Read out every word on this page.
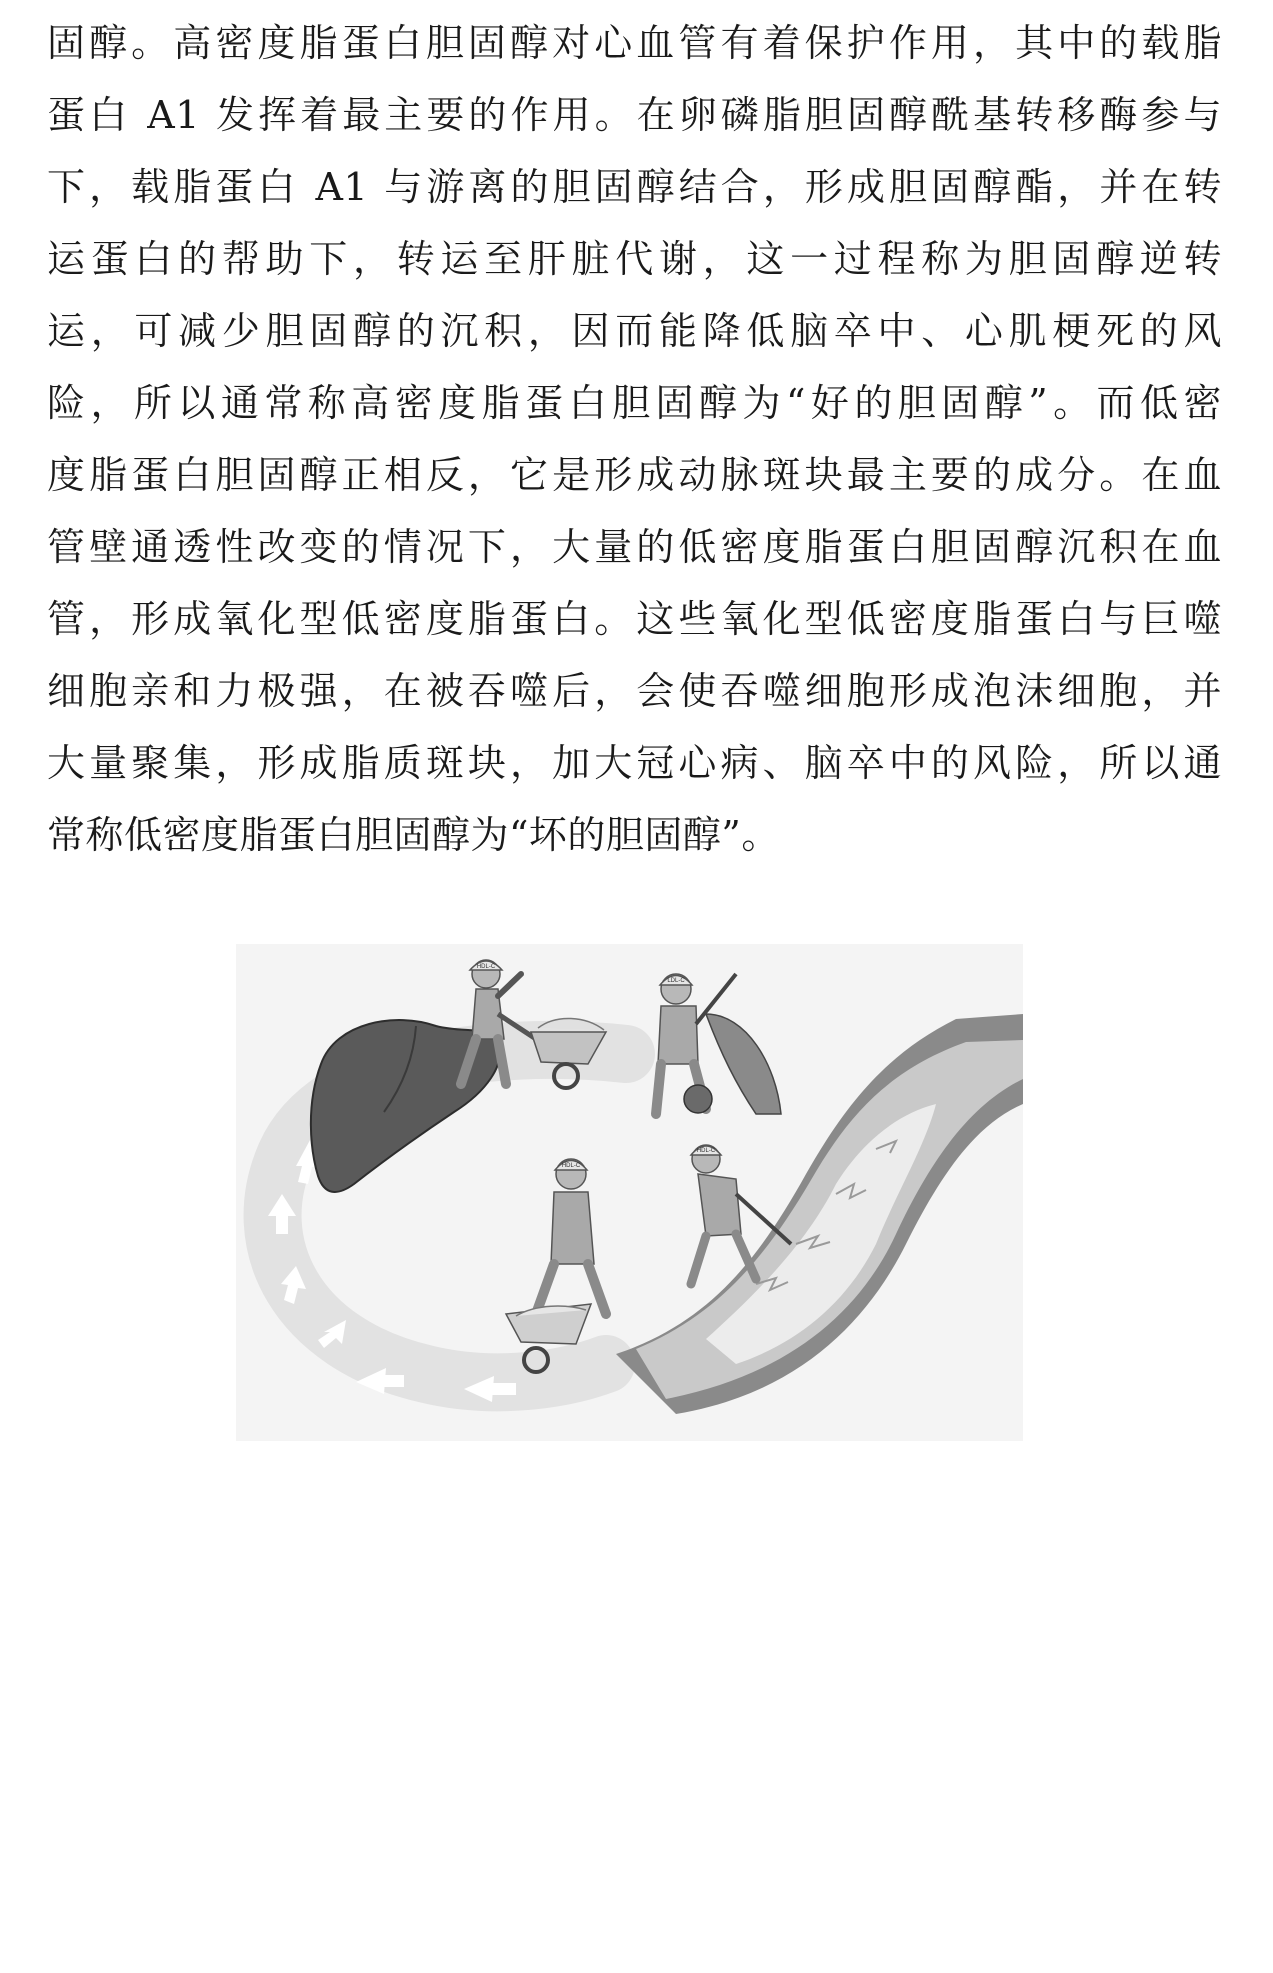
固醇。高密度脂蛋白胆固醇对心血管有着保护作用，其中的载脂
蛋白 A1 发挥着最主要的作用。在卵磷脂胆固醇酰基转移酶参与
下，载脂蛋白 A1 与游离的胆固醇结合，形成胆固醇酯，并在转
运蛋白的帮助下，转运至肝脏代谢，这一过程称为胆固醇逆转
运，可减少胆固醇的沉积，因而能降低脑卒中、心肌梗死的风
险，所以通常称高密度脂蛋白胆固醇为“好的胆固醇”。而低密
度脂蛋白胆固醇正相反，它是形成动脉斑块最主要的成分。在血
管壁通透性改变的情况下，大量的低密度脂蛋白胆固醇沉积在血
管，形成氧化型低密度脂蛋白。这些氧化型低密度脂蛋白与巨噬
细胞亲和力极强，在被吞噬后，会使吞噬细胞形成泡沫细胞，并
大量聚集，形成脂质斑块，加大冠心病、脑卒中的风险，所以通
常称低密度脂蛋白胆固醇为“坏的胆固醇”。
HDL-C
LDL-C
HDL-C
HDL-C
